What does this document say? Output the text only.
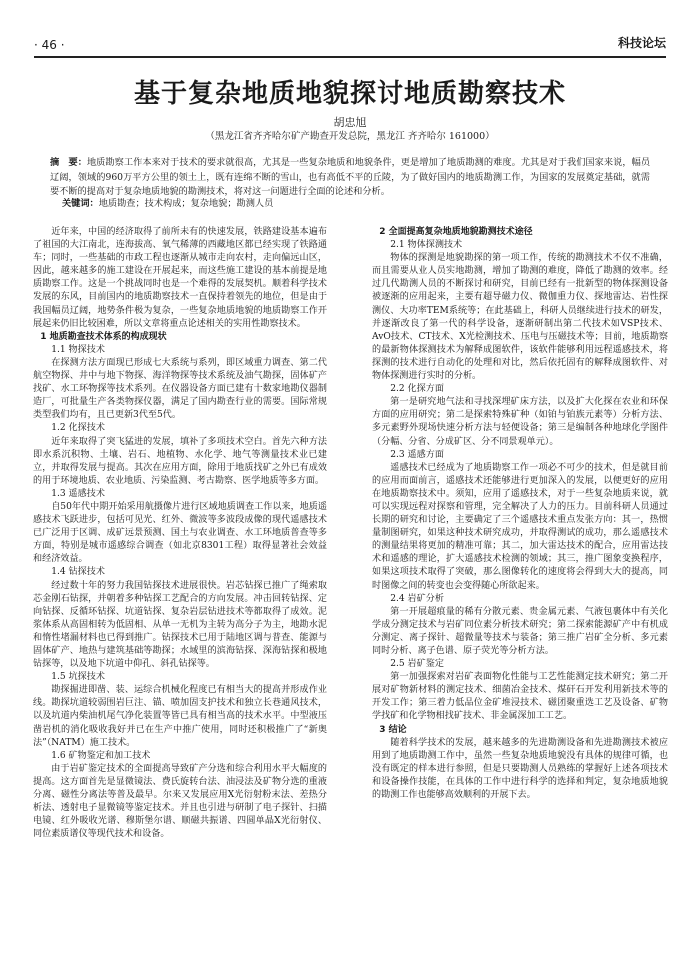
· 46 ·	科技论坛
基于复杂地质地貌探讨地质勘察技术
胡忠旭
（黑龙江省齐齐哈尔矿产勘查开发总院，黑龙江 齐齐哈尔 161000）
摘　要：地质勘察工作本来对于技术的要求就很高，尤其是一些复杂地质和地貌条件，更是增加了地质勘测的难度。尤其是对于我们国家来说，幅员辽阔，领域的960万平方公里的领土上，既有连绵不断的雪山，也有高低不平的丘陵，为了做好国内的地质勘测工作，为国家的发展奠定基础，就需要不断的提高对于复杂地质地貌的勘测技术，将对这一问题进行全面的论述和分析。
关键词：地质勘查；技术构成；复杂地貌；勘测人员

近年来，中国的经济取得了前所未有的快速发展，铁路建设基本遍布了祖国的大江南北，连海拔高、氧气稀薄的西藏地区都已经实现了铁路通车；同时，一些基础的市政工程也逐渐从城市走向农村，走向偏远山区，因此，越来越多的施工建设在开展起来，而这些施工建设的基本前提是地质勘察工作。这是一个挑战同时也是一个难得的发展契机。顺着科学技术发展的东风，目前国内的地质勘察技术一直保持着领先的地位，但是由于我国幅员辽阔，地势条件极为复杂，一些复杂地质地貌的地质勘察工作开展起来仍旧比较困难，所以文章将重点论述相关的实用性勘察技术。

1 地质勘查技术体系的构成现状

1.1 物探技术

在探测方法方面现已形成七大系统与系列，即区域重力调查、第二代航空物探、井中与地下物探、海洋物探等技术系统及油气勘探，固体矿产找矿、水工环物探等技术系列。在仪器设备方面已建有十数家地勘仪器制造厂，可批量生产各类物探仪器，满足了国内勘查行业的需要。国际常规类型我们均有，且已更新3代至5代。

1.2 化探技术

近年来取得了突飞猛进的发展，填补了多项技术空白。首先六种方法即水系沉积物、土壤、岩石、地植物、水化学、地气等测量技术业已建立，并取得发展与提高。其次在应用方面，除用于地质找矿之外已有成效的用于环境地质、农业地质、污染监测、考古勘察、医学地质等多方面。

1.3 遥感技术

自50年代中期开始采用航摄像片进行区域地质调查工作以来，地质遥感技术飞跃进步，包括可见光、红外、微波等多波段成像的现代遥感技术已广泛用于区调、成矿远景预测、国土与农业调查、水工环地质普查等多方面，特别是城市遥感综合调查（如北京8301工程）取得显著社会效益和经济效益。

1.4 钻探技术

经过数十年的努力我国钻探技术进展很快。岩芯钻探已推广了绳索取芯金刚石钻探，并朝着多种钻探工艺配合的方向发展。冲击回转钻探、定向钻探、反循环钻探、坑道钻探、复杂岩层钻进技术等都取得了成效。泥浆体系从高固相转为低固相、从单一无机为主转为高分子为主，地勘水泥和惰性堵漏材料也已得到推广。钻探技术已用于陆地区调与普查、能源与固体矿产、地热与建筑基础等勘探；水域里的滨海钻探、深海钻探和极地钻探等，以及地下坑道中仰孔、斜孔钻探等。

1.5 坑探技术

勘探掘进即凿、装、运综合机械化程度已有相当大的提高并形成作业线。勘探坑道较弱围岩巨注、锚、喷加固支护技术和独立长巷通风技术，以及坑道内柴油机尾气净化装置等皆已具有相当高的技术水平。中型液压凿岩机的消化吸收我好并已在生产中推广使用，同时还积极推广了“新奥法”（NATM）施工技术。

1.6 矿物鉴定和加工技术

由于岩矿鉴定技术的全面提高导致矿产分选和综合利用水平大幅度的提高。这方面首先是显微镜法、费氏旋转台法、油浸法及矿物分选的重液分离、磁性分离法等普及最早。尔来又发展应用X光衍射粉末法、差热分析法、透射电子显微镜等鉴定技术。并且也引进与研制了电子探针、扫描电镜、红外吸收光谱、穆斯堡尔谱、顺磁共振谱、四圆单晶X光衍射仪、同位素质谱仪等现代技术和设备。

2 全面提高复杂地质地貌勘测技术途径

2.1 物体探测技术

物体的探测是地貌勘探的第一项工作，传统的勘测技术不仅不准确，而且需要从业人员实地勘测，增加了勘测的难度，降低了勘测的效率。经过几代勘测人员的不断探讨和研究，目前已经有一批新型的物体探测设备被逐渐的应用起来，主要有超导磁力仪、微伽重力仪、探地雷达、岩性探测仪、大功率TEM系统等；在此基础上，科研人员继续进行技术的研发，并逐渐改良了第一代的科学设备，逐渐研制出第二代技术如VSP技术、AvO技术、CT技术、X光检测技术、压电与压磁技术等；目前，地质勘察的最新物体探测技术为解释成图软件，该软件能够利用远程遥感技术，将探测的技术进行自动化的处理和对比，然后依托固有的解释成图软件、对物体探测进行实时的分析。

2.2 化探方面

第一是研究地气法和寻找深埋矿床方法，以及扩大化探在农业和环保方面的应用研究；第二是探索特殊矿种（如铂与铂族元素等）分析方法、多元素野外现场快速分析方法与轻便设备；第三是编制各种地球化学图件（分幅、分省、分成矿区、分不同景观单元）。

2.3 遥感方面

遥感技术已经成为了地质勘察工作一项必不可少的技术，但是就目前的应用而面前言，遥感技术还能够进行更加深入的发展，以便更好的应用在地质勘察技术中。须知，应用了遥感技术，对于一些复杂地质来说，就可以实现远程对探察和管理，完全解决了人力的压力。目前科研人员通过长期的研究和讨论，主要确定了三个遥感技术重点发张方向：其一，热惯量制图研究，如果这种技术研究成功，并取得测试的成功，那么遥感技术的测量结果将更加的精准可靠；其二，加大雷达技术的配合，应用雷达技术和遥感的理论，扩大遥感技术检测的领域；其三，推广图象变换程序，如果这项技术取得了突破，那么图像转化的速度将会得到大大的提高，同时图像之间的转变也会变得随心所欲起来。

2.4 岩矿分析

第一开展超痕量的稀有分散元素、贵金属元素、气液包裹体中有关化学成分测定技术与岩矿同位素分析技术研究；第二探索能源矿产中有机成分测定、离子探针、超微量等技术与装备；第三推广岩矿全分析、多元素同时分析、离子色谱、原子荧光等分析方法。

2.5 岩矿鉴定

第一加强探索对岩矿表面物化性能与工艺性能测定技术研究；第二开展对矿物新材料的测定技术、细菌冶金技术、煤矸石开发利用新技术等的开发工作；第三着力低品位金矿堆浸技术、磁团聚重选工艺及设备、矿物学找矿和化学物相找矿技术、非金属深加工工艺。

3 结论

随着科学技术的发展，越来越多的先进勘测设备和先进勘测技术被应用到了地质勘测工作中，虽然一些复杂地质地貌没有具体的规律可循，也没有既定的样本进行参照，但是只要勘测人员熟练的掌握好上述各项技术和设备操作技能，在具体的工作中进行科学的选择和判定，复杂地质地貌的勘测工作也能够高效顺利的开展下去。
